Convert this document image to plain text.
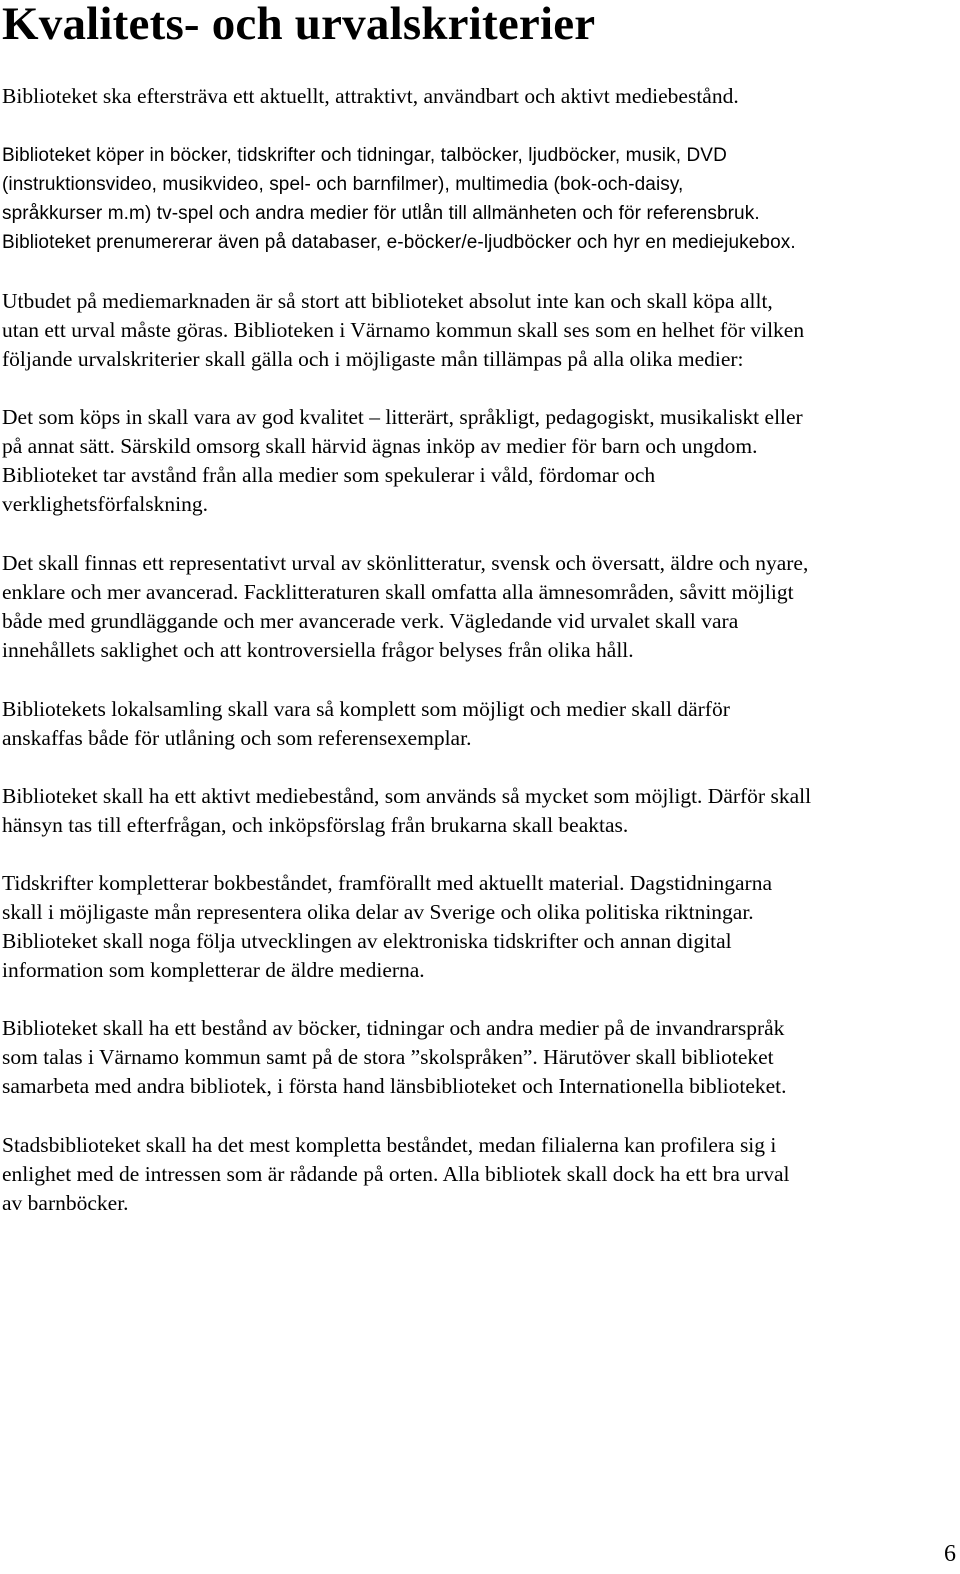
Kvalitets- och urvalskriterier

Biblioteket ska eftersträva ett aktuellt, attraktivt, användbart och aktivt mediebestånd.

Biblioteket köper in böcker, tidskrifter och tidningar, talböcker, ljudböcker, musik, DVD
(instruktionsvideo, musikvideo, spel- och barnfilmer), multimedia (bok-och-daisy,
språkkurser m.m) tv-spel och andra medier för utlån till allmänheten och för referensbruk.
Biblioteket prenumererar även på databaser, e-böcker/e-ljudböcker och hyr en mediejukebox.

Utbudet på mediemarknaden är så stort att biblioteket absolut inte kan och skall köpa allt,
utan ett urval måste göras. Biblioteken i Värnamo kommun skall ses som en helhet för vilken
följande urvalskriterier skall gälla och i möjligaste mån tillämpas på alla olika medier:

Det som köps in skall vara av god kvalitet – litterärt, språkligt, pedagogiskt, musikaliskt eller
på annat sätt. Särskild omsorg skall härvid ägnas inköp av medier för barn och ungdom.
Biblioteket tar avstånd från alla medier som spekulerar i våld, fördomar och
verklighetsförfalskning.

Det skall finnas ett representativt urval av skönlitteratur, svensk och översatt, äldre och nyare,
enklare och mer avancerad. Facklitteraturen skall omfatta alla ämnesområden, såvitt möjligt
både med grundläggande och mer avancerade verk. Vägledande vid urvalet skall vara
innehållets saklighet och att kontroversiella frågor belyses från olika håll.

Bibliotekets lokalsamling skall vara så komplett som möjligt och medier skall därför
anskaffas både för utlåning och som referensexemplar.

Biblioteket skall ha ett aktivt mediebestånd, som används så mycket som möjligt. Därför skall
hänsyn tas till efterfrågan, och inköpsförslag från brukarna skall beaktas.

Tidskrifter kompletterar bokbeståndet, framförallt med aktuellt material. Dagstidningarna
skall i möjligaste mån representera olika delar av Sverige och olika politiska riktningar.
Biblioteket skall noga följa utvecklingen av elektroniska tidskrifter och annan digital
information som kompletterar de äldre medierna.

Biblioteket skall ha ett bestånd av böcker, tidningar och andra medier på de invandrarspråk
som talas i Värnamo kommun samt på de stora ”skolspråken”. Härutöver skall biblioteket
samarbeta med andra bibliotek, i första hand länsbiblioteket och Internationella biblioteket.

Stadsbiblioteket skall ha det mest kompletta beståndet, medan filialerna kan profilera sig i
enlighet med de intressen som är rådande på orten. Alla bibliotek skall dock ha ett bra urval
av barnböcker.

6
